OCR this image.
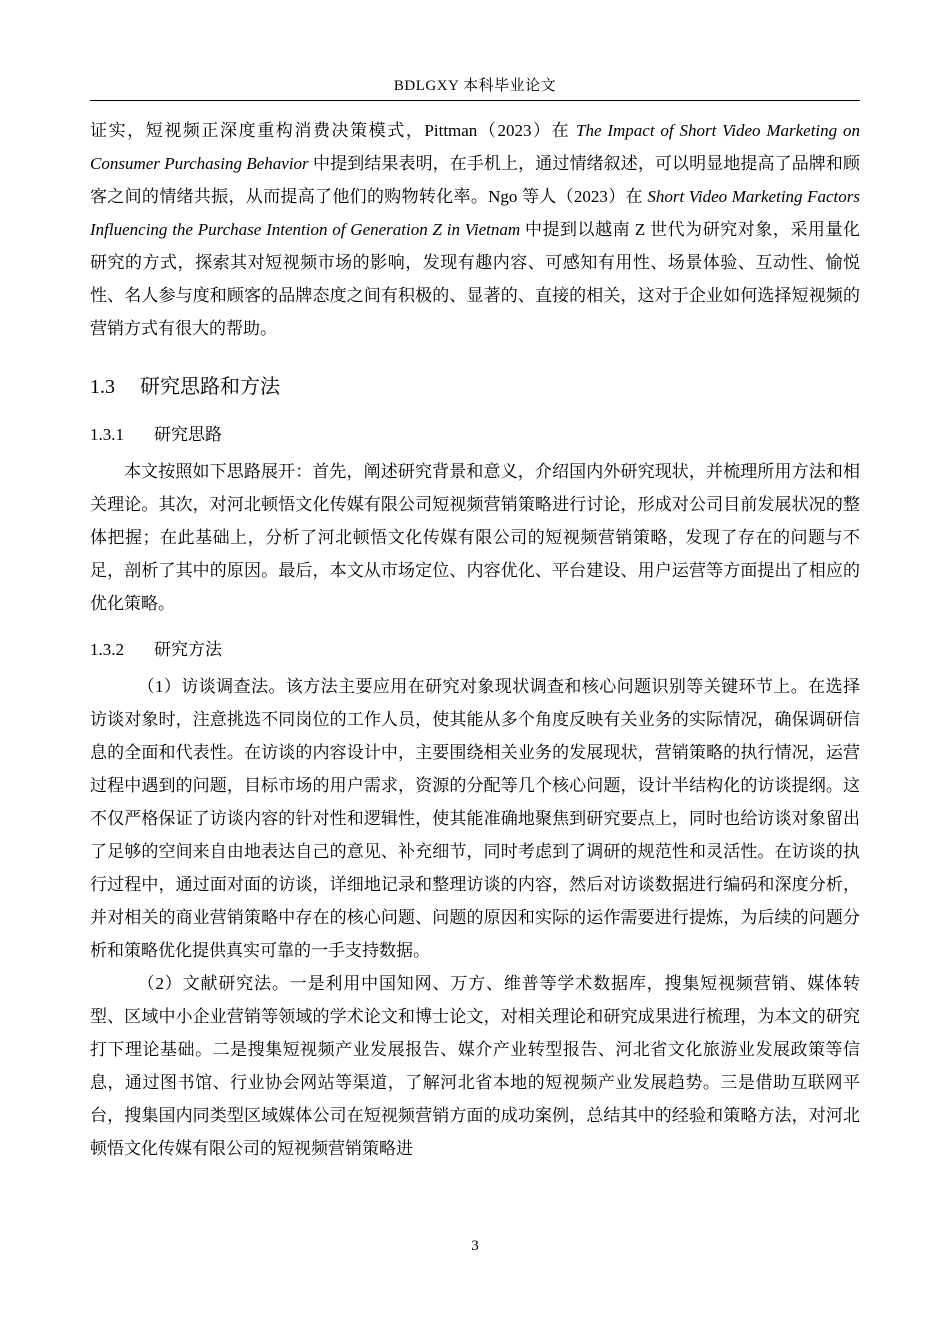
BDLGXY 本科毕业论文

证实，短视频正深度重构消费决策模式，Pittman（2023）在 The Impact of Short Video Marketing on Consumer Purchasing Behavior 中提到结果表明，在手机上，通过情绪叙述，可以明显地提高了品牌和顾客之间的情绪共振，从而提高了他们的购物转化率。Ngo 等人（2023）在 Short Video Marketing Factors Influencing the Purchase Intention of Generation Z in Vietnam 中提到以越南 Z 世代为研究对象，采用量化研究的方式，探索其对短视频市场的影响，发现有趣内容、可感知有用性、场景体验、互动性、愉悦性、名人参与度和顾客的品牌态度之间有积极的、显著的、直接的相关，这对于企业如何选择短视频的营销方式有很大的帮助。

1.3 研究思路和方法
1.3.1 研究思路

本文按照如下思路展开：首先，阐述研究背景和意义，介绍国内外研究现状，并梳理所用方法和相关理论。其次，对河北顿悟文化传媒有限公司短视频营销策略进行讨论，形成对公司目前发展状况的整体把握；在此基础上，分析了河北顿悟文化传媒有限公司的短视频营销策略，发现了存在的问题与不足，剖析了其中的原因。最后，本文从市场定位、内容优化、平台建设、用户运营等方面提出了相应的优化策略。

1.3.2 研究方法

（1）访谈调查法。该方法主要应用在研究对象现状调查和核心问题识别等关键环节上。在选择访谈对象时，注意挑选不同岗位的工作人员，使其能从多个角度反映有关业务的实际情况，确保调研信息的全面和代表性。在访谈的内容设计中，主要围绕相关业务的发展现状，营销策略的执行情况，运营过程中遇到的问题，目标市场的用户需求，资源的分配等几个核心问题，设计半结构化的访谈提纲。这不仅严格保证了访谈内容的针对性和逻辑性，使其能准确地聚焦到研究要点上，同时也给访谈对象留出了足够的空间来自由地表达自己的意见、补充细节，同时考虑到了调研的规范性和灵活性。在访谈的执行过程中，通过面对面的访谈，详细地记录和整理访谈的内容，然后对访谈数据进行编码和深度分析，并对相关的商业营销策略中存在的核心问题、问题的原因和实际的运作需要进行提炼，为后续的问题分析和策略优化提供真实可靠的一手支持数据。

（2）文献研究法。一是利用中国知网、万方、维普等学术数据库，搜集短视频营销、媒体转型、区域中小企业营销等领域的学术论文和博士论文，对相关理论和研究成果进行梳理，为本文的研究打下理论基础。二是搜集短视频产业发展报告、媒介产业转型报告、河北省文化旅游业发展政策等信息，通过图书馆、行业协会网站等渠道，了解河北省本地的短视频产业发展趋势。三是借助互联网平台，搜集国内同类型区域媒体公司在短视频营销方面的成功案例，总结其中的经验和策略方法，对河北顿悟文化传媒有限公司的短视频营销策略进

3
